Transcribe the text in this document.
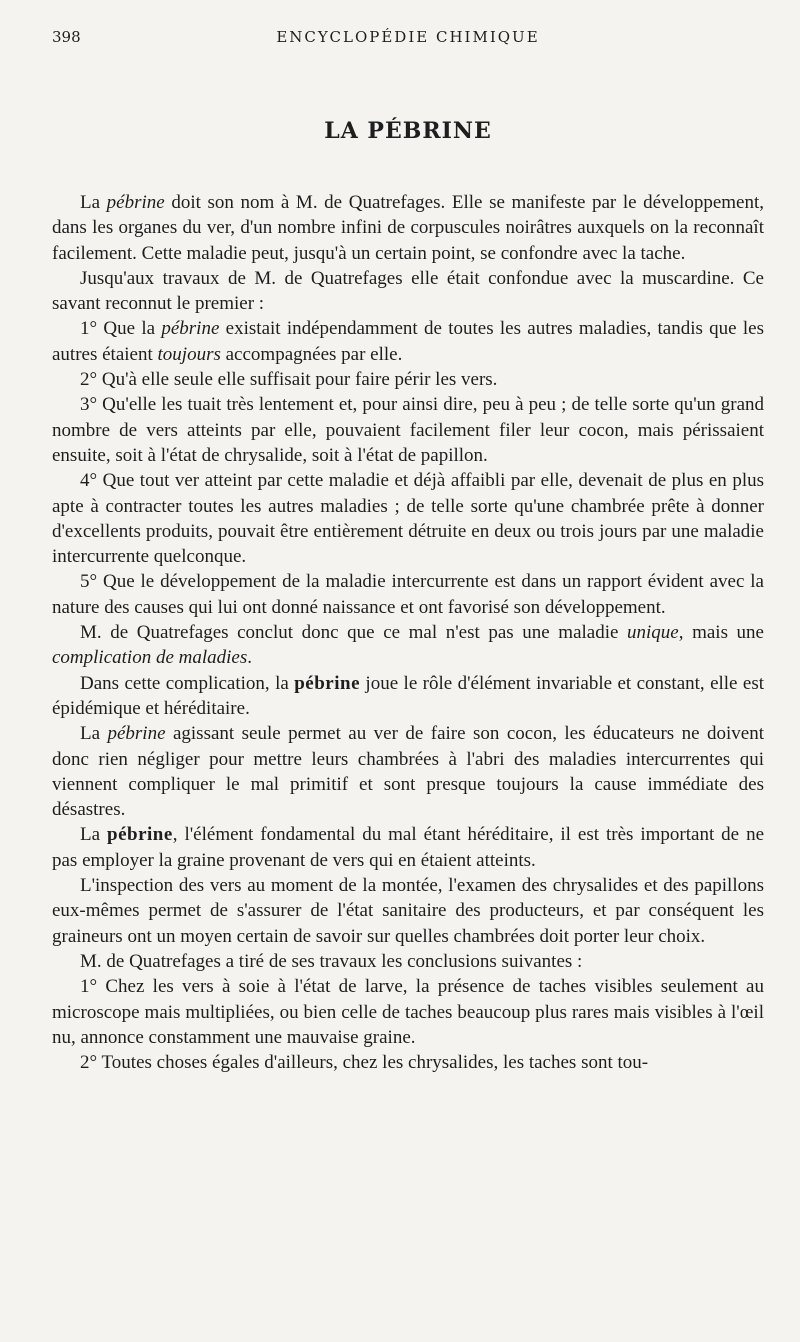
398	ENCYCLOPÉDIE CHIMIQUE
LA PÉBRINE

La pébrine doit son nom à M. de Quatrefages. Elle se manifeste par le développement, dans les organes du ver, d'un nombre infini de corpuscules noirâtres auxquels on la reconnaît facilement. Cette maladie peut, jusqu'à un certain point, se confondre avec la tache.

Jusqu'aux travaux de M. de Quatrefages elle était confondue avec la muscardine. Ce savant reconnut le premier :

1° Que la pébrine existait indépendamment de toutes les autres maladies, tandis que les autres étaient toujours accompagnées par elle.

2° Qu'à elle seule elle suffisait pour faire périr les vers.

3° Qu'elle les tuait très lentement et, pour ainsi dire, peu à peu ; de telle sorte qu'un grand nombre de vers atteints par elle, pouvaient facilement filer leur cocon, mais périssaient ensuite, soit à l'état de chrysalide, soit à l'état de papillon.

4° Que tout ver atteint par cette maladie et déjà affaibli par elle, devenait de plus en plus apte à contracter toutes les autres maladies ; de telle sorte qu'une chambrée prête à donner d'excellents produits, pouvait être entièrement détruite en deux ou trois jours par une maladie intercurrente quelconque.

5° Que le développement de la maladie intercurrente est dans un rapport évident avec la nature des causes qui lui ont donné naissance et ont favorisé son développement.

M. de Quatrefages conclut donc que ce mal n'est pas une maladie unique, mais une complication de maladies.

Dans cette complication, la pébrine joue le rôle d'élément invariable et constant, elle est épidémique et héréditaire.

La pébrine agissant seule permet au ver de faire son cocon, les éducateurs ne doivent donc rien négliger pour mettre leurs chambrées à l'abri des maladies intercurrentes qui viennent compliquer le mal primitif et sont presque toujours la cause immédiate des désastres.

La pébrine, l'élément fondamental du mal étant héréditaire, il est très important de ne pas employer la graine provenant de vers qui en étaient atteints.

L'inspection des vers au moment de la montée, l'examen des chrysalides et des papillons eux-mêmes permet de s'assurer de l'état sanitaire des producteurs, et par conséquent les graineurs ont un moyen certain de savoir sur quelles chambrées doit porter leur choix.

M. de Quatrefages a tiré de ses travaux les conclusions suivantes :

1° Chez les vers à soie à l'état de larve, la présence de taches visibles seulement au microscope mais multipliées, ou bien celle de taches beaucoup plus rares mais visibles à l'œil nu, annonce constamment une mauvaise graine.

2° Toutes choses égales d'ailleurs, chez les chrysalides, les taches sont tou-
